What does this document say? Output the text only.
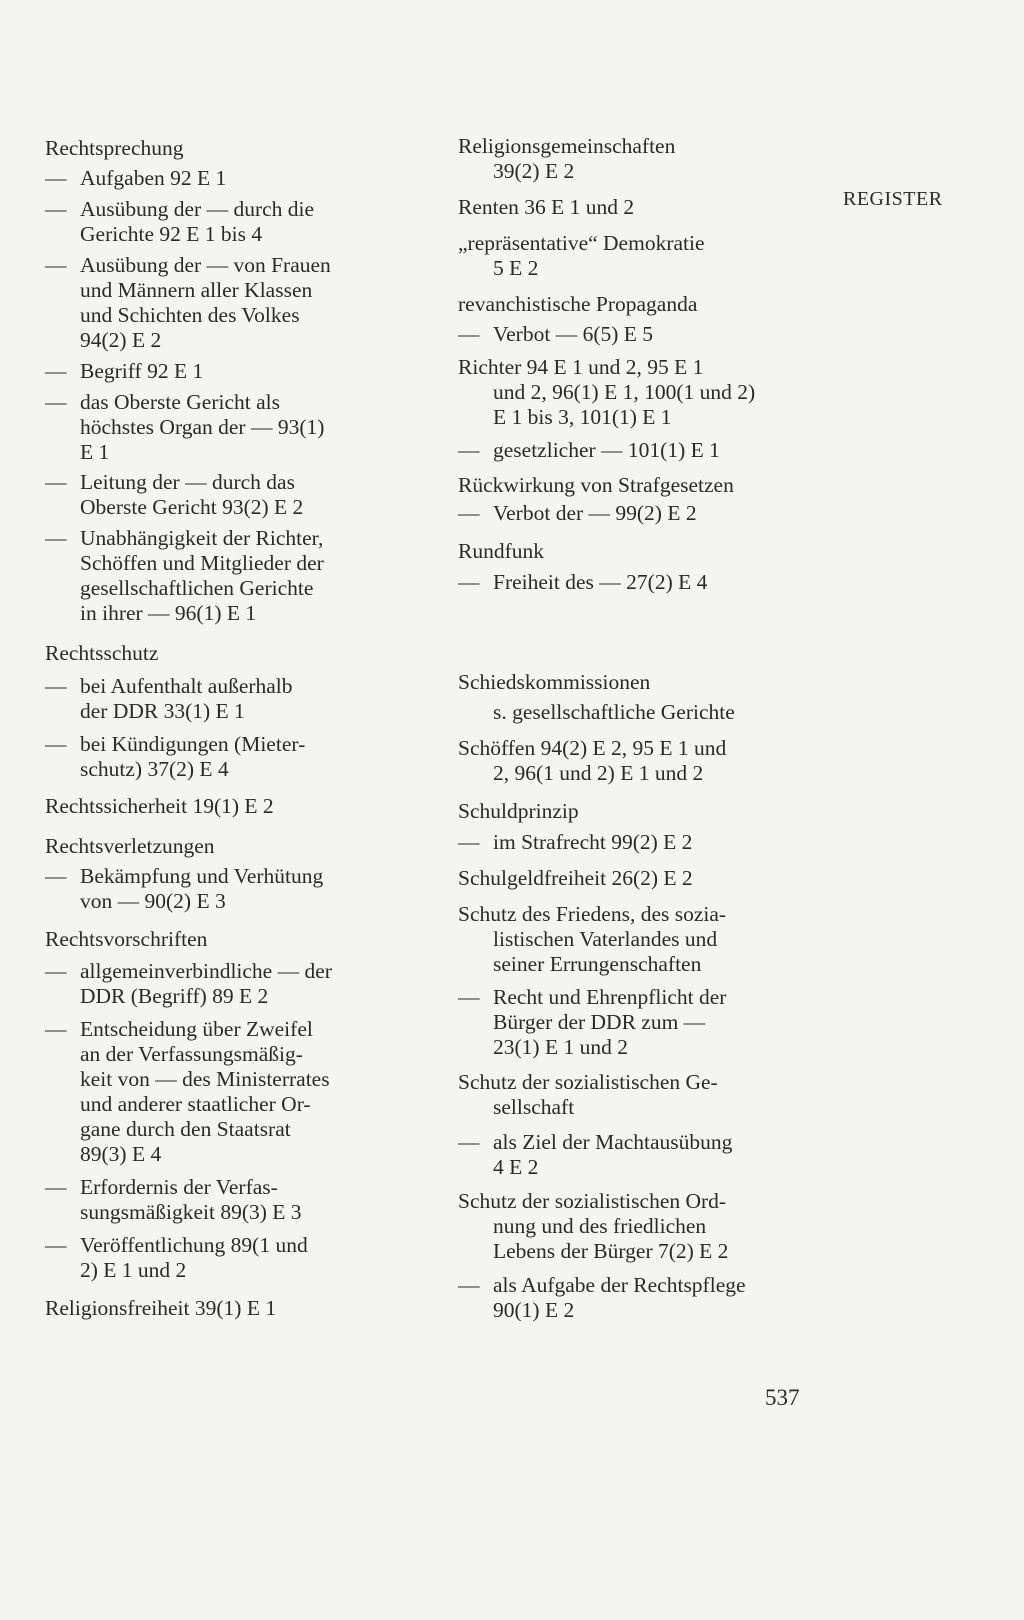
REGISTER
Rechtsprechung
— Aufgaben 92 E 1
— Ausübung der — durch die
Gerichte 92 E 1 bis 4
— Ausübung der — von Frauen
und Männern aller Klassen
und Schichten des Volkes
94(2) E 2
— Begriff 92 E 1
— das Oberste Gericht als
höchstes Organ der — 93(1)
E 1
— Leitung der — durch das
Oberste Gericht 93(2) E 2
— Unabhängigkeit der Richter,
Schöffen und Mitglieder der
gesellschaftlichen Gerichte
in ihrer — 96(1) E 1
Rechtsschutz
— bei Aufenthalt außerhalb
der DDR 33(1) E 1
— bei Kündigungen (Mieter-
schutz) 37(2) E 4
Rechtssicherheit 19(1) E 2
Rechtsverletzungen
— Bekämpfung und Verhütung
von — 90(2) E 3
Rechtsvorschriften
— allgemeinverbindliche — der
DDR (Begriff) 89 E 2
— Entscheidung über Zweifel
an der Verfassungsmäßig-
keit von — des Ministerrates
und anderer staatlicher Or-
gane durch den Staatsrat
89(3) E 4
— Erfordernis der Verfas-
sungsmäßigkeit 89(3) E 3
— Veröffentlichung 89(1 und
2) E 1 und 2
Religionsfreiheit 39(1) E 1
Religionsgemeinschaften
39(2) E 2
Renten 36 E 1 und 2
„repräsentative“ Demokratie
5 E 2
revanchistische Propaganda
— Verbot — 6(5) E 5
Richter 94 E 1 und 2, 95 E 1
und 2, 96(1) E 1, 100(1 und 2)
E 1 bis 3, 101(1) E 1
— gesetzlicher — 101(1) E 1
Rückwirkung von Strafgesetzen
— Verbot der — 99(2) E 2
Rundfunk
— Freiheit des — 27(2) E 4
Schiedskommissionen
s. gesellschaftliche Gerichte
Schöffen 94(2) E 2, 95 E 1 und
2, 96(1 und 2) E 1 und 2
Schuldprinzip
— im Strafrecht 99(2) E 2
Schulgeldfreiheit 26(2) E 2
Schutz des Friedens, des sozia-
listischen Vaterlandes und
seiner Errungenschaften
— Recht und Ehrenpflicht der
Bürger der DDR zum —
23(1) E 1 und 2
Schutz der sozialistischen Ge-
sellschaft
— als Ziel der Machtausübung
4 E 2
Schutz der sozialistischen Ord-
nung und des friedlichen
Lebens der Bürger 7(2) E 2
— als Aufgabe der Rechtspflege
90(1) E 2
537
